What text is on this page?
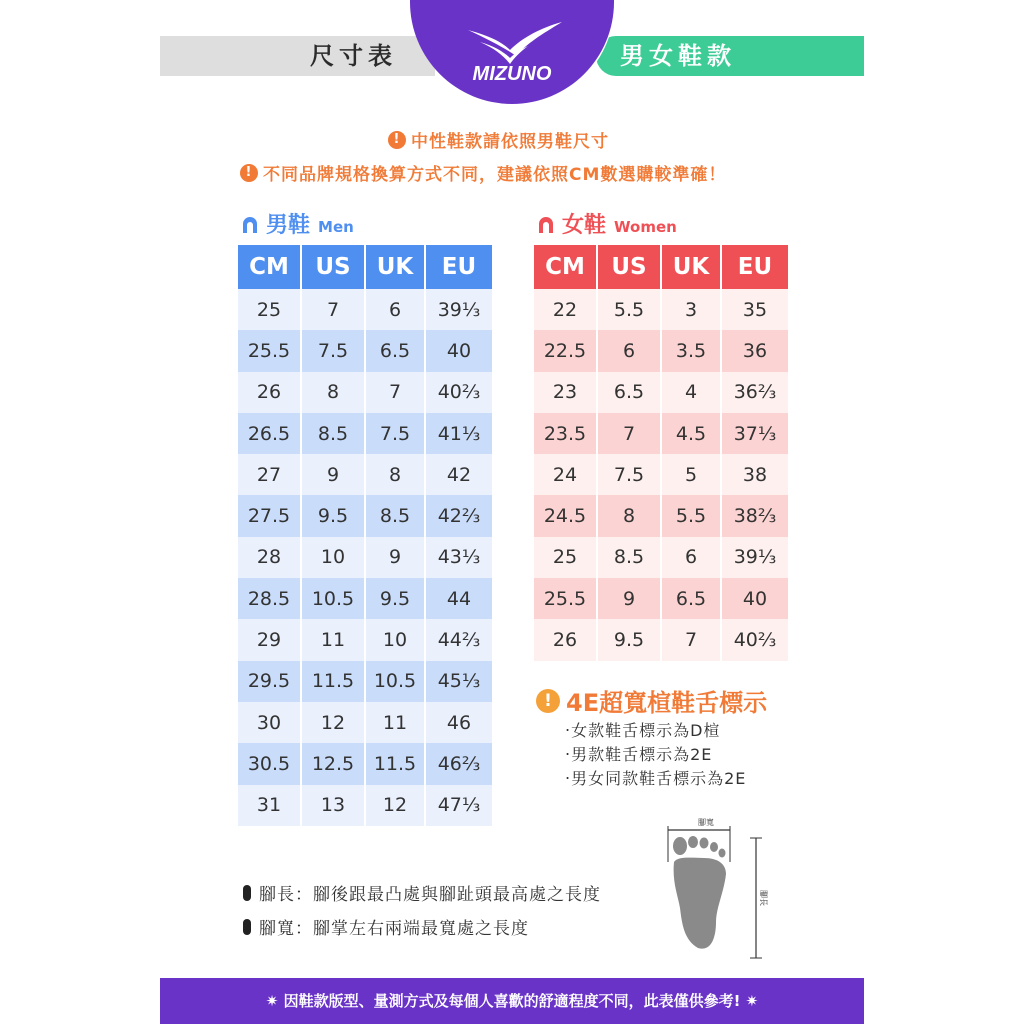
尺寸表	男女鞋款
MIZUNO
! 中性鞋款請依照男鞋尺寸
! 不同品牌規格換算方式不同，建議依照CM數選購較準確！
男鞋 Men	女鞋 Women
CM	US	UK	EU
25	7	6	39⅓
25.5	7.5	6.5	40
26	8	7	40⅔
26.5	8.5	7.5	41⅓
27	9	8	42
27.5	9.5	8.5	42⅔
28	10	9	43⅓
28.5	10.5	9.5	44
29	11	10	44⅔
29.5	11.5	10.5	45⅓
30	12	11	46
30.5	12.5	11.5	46⅔
31	13	12	47⅓
CM	US	UK	EU
22	5.5	3	35
22.5	6	3.5	36
23	6.5	4	36⅔
23.5	7	4.5	37⅓
24	7.5	5	38
24.5	8	5.5	38⅔
25	8.5	6	39⅓
25.5	9	6.5	40
26	9.5	7	40⅔
! 4E超寬楦鞋舌標示
‧女款鞋舌標示為D楦
‧男款鞋舌標示為2E
‧男女同款鞋舌標示為2E
腳寬
腳長
腳長：腳後跟最凸處與腳趾頭最高處之長度
腳寬：腳掌左右兩端最寬處之長度
✷ 因鞋款版型、量測方式及每個人喜歡的舒適程度不同，此表僅供參考! ✷
